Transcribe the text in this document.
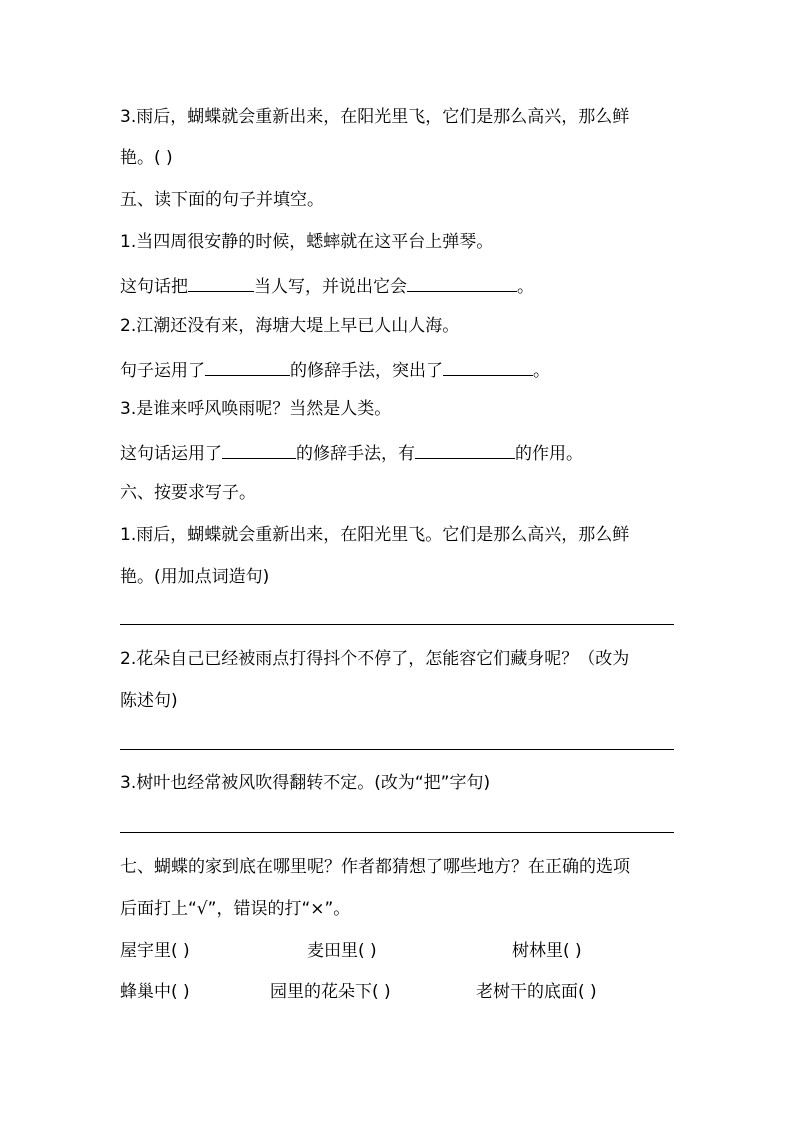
3.雨后，蝴蝶就会重新出来，在阳光里飞，它们是那么高兴，那么鲜
艳。( )
五、读下面的句子并填空。
1.当四周很安静的时候，蟋蟀就在这平台上弹琴。
这句话把	当人写，并说出它会	。
2.江潮还没有来，海塘大堤上早已人山人海。
句子运用了	的修辞手法，突出了	。
3.是谁来呼风唤雨呢？当然是人类。
这句话运用了	的修辞手法，有	的作用。
六、按要求写子。
1.雨后，蝴蝶就会重新出来，在阳光里飞。它们是那么高兴，那么鲜
艳。(用加点词造句)
2.花朵自己已经被雨点打得抖个不停了，怎能容它们藏身呢？（改为
陈述句)
3.树叶也经常被风吹得翻转不定。(改为“把”字句)
七、蝴蝶的家到底在哪里呢？作者都猜想了哪些地方？在正确的选项
后面打上“√”，错误的打“×”。
屋宇里( )	麦田里( )	树林里( )
蜂巢中( )	园里的花朵下( )	老树干的底面( )
